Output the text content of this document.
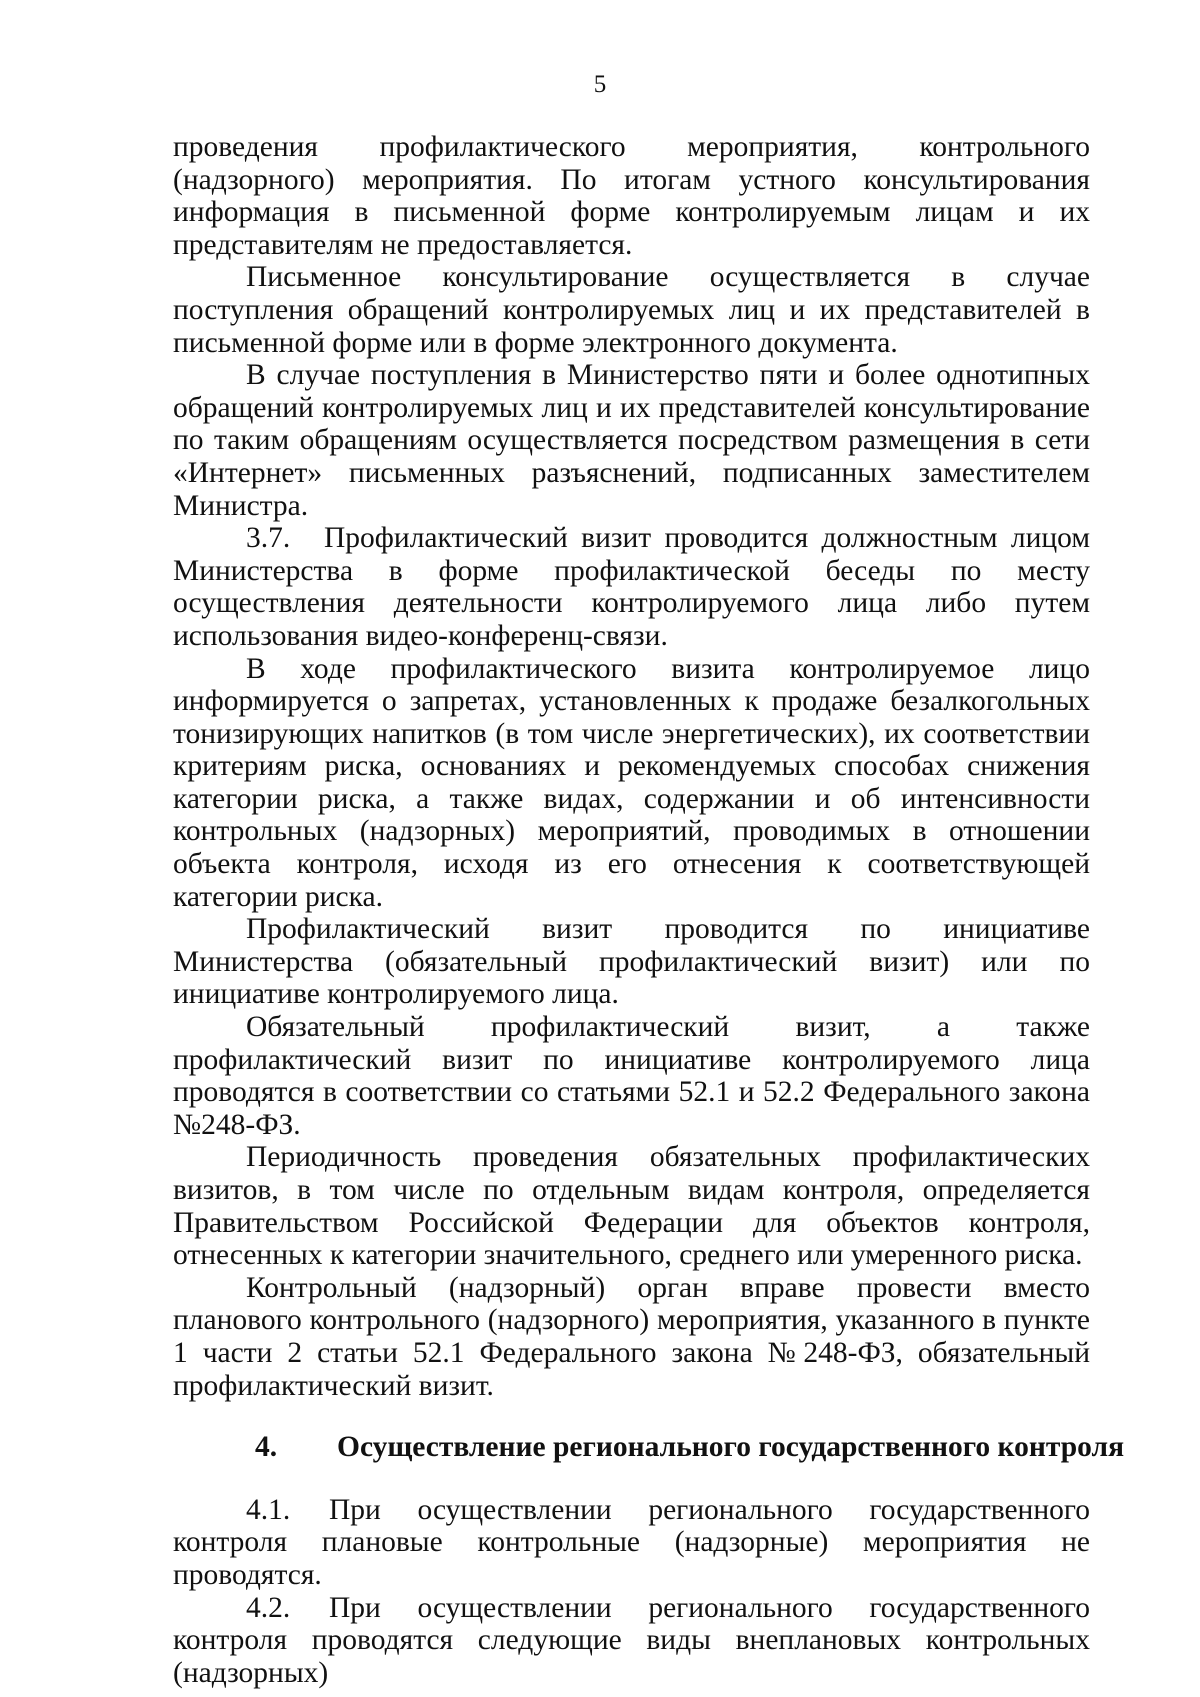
5

проведения профилактического мероприятия, контрольного (надзорного) мероприятия. По итогам устного консультирования информация в письменной форме контролируемым лицам и их представителям не предоставляется.

Письменное консультирование осуществляется в случае поступления обращений контролируемых лиц и их представителей в письменной форме или в форме электронного документа.

В случае поступления в Министерство пяти и более однотипных обращений контролируемых лиц и их представителей консультирование по таким обращениям осуществляется посредством размещения в сети «Интернет» письменных разъяснений, подписанных заместителем Министра.

3.7. Профилактический визит проводится должностным лицом Министерства в форме профилактической беседы по месту осуществления деятельности контролируемого лица либо путем использования видео-конференц-связи.

В ходе профилактического визита контролируемое лицо информируется о запретах, установленных к продаже безалкогольных тонизирующих напитков (в том числе энергетических), их соответствии критериям риска, основаниях и рекомендуемых способах снижения категории риска, а также видах, содержании и об интенсивности контрольных (надзорных) мероприятий, проводимых в отношении объекта контроля, исходя из его отнесения к соответствующей категории риска.

Профилактический визит проводится по инициативе Министерства (обязательный профилактический визит) или по инициативе контролируемого лица.

Обязательный профилактический визит, а также профилактический визит по инициативе контролируемого лица проводятся в соответствии со статьями 52.1 и 52.2 Федерального закона №248-ФЗ.

Периодичность проведения обязательных профилактических визитов, в том числе по отдельным видам контроля, определяется Правительством Российской Федерации для объектов контроля, отнесенных к категории значительного, среднего или умеренного риска.

Контрольный (надзорный) орган вправе провести вместо планового контрольного (надзорного) мероприятия, указанного в пункте 1 части 2 статьи 52.1 Федерального закона №248-ФЗ, обязательный профилактический визит.

4. Осуществление регионального государственного контроля

4.1. При осуществлении регионального государственного контроля плановые контрольные (надзорные) мероприятия не проводятся.

4.2. При осуществлении регионального государственного контроля проводятся следующие виды внеплановых контрольных (надзорных)
